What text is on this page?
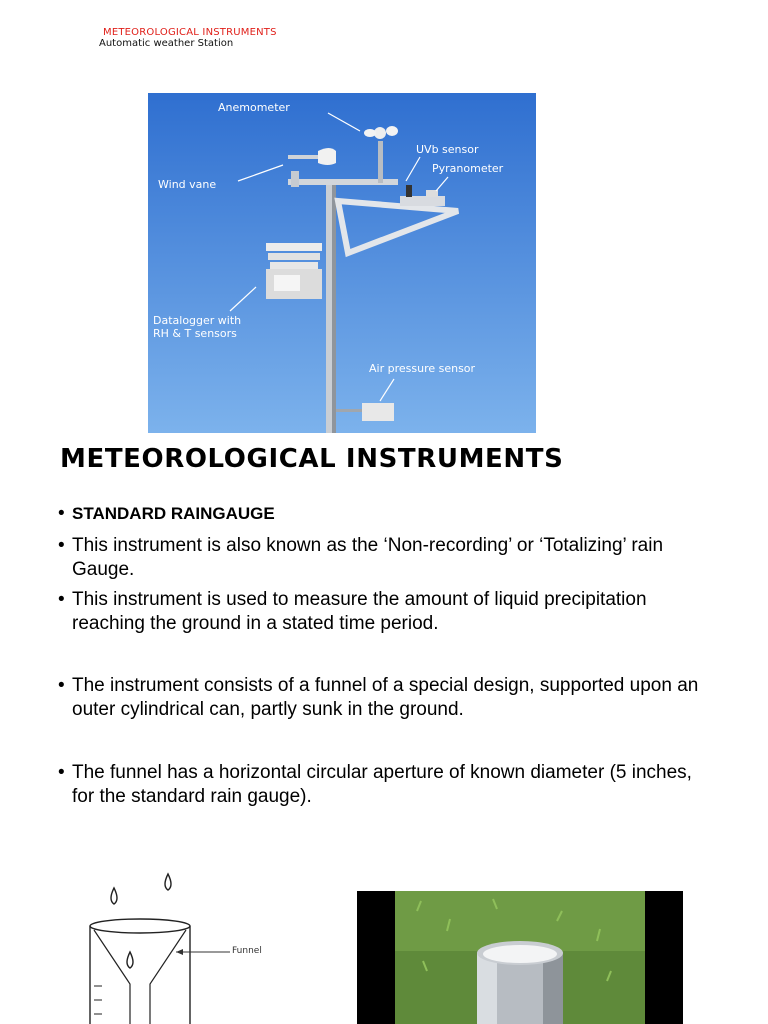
METEOROLOGICAL INSTRUMENTS
Automatic weather Station
Anemometer
UVb sensor
Pyranometer
Wind vane
Datalogger with
RH & T sensors
Air pressure sensor
METEOROLOGICAL INSTRUMENTS
• STANDARD RAINGAUGE
• This instrument is also known as the ‘Non-recording’ or ‘Totalizing’ rain Gauge.
• This instrument is used to measure the amount of liquid precipitation reaching the ground in a stated time period.
• The instrument consists of a funnel of a special design, supported upon an outer cylindrical can, partly sunk in the ground.
• The funnel has a horizontal circular aperture of known diameter (5 inches, for the standard rain gauge).
Funnel
